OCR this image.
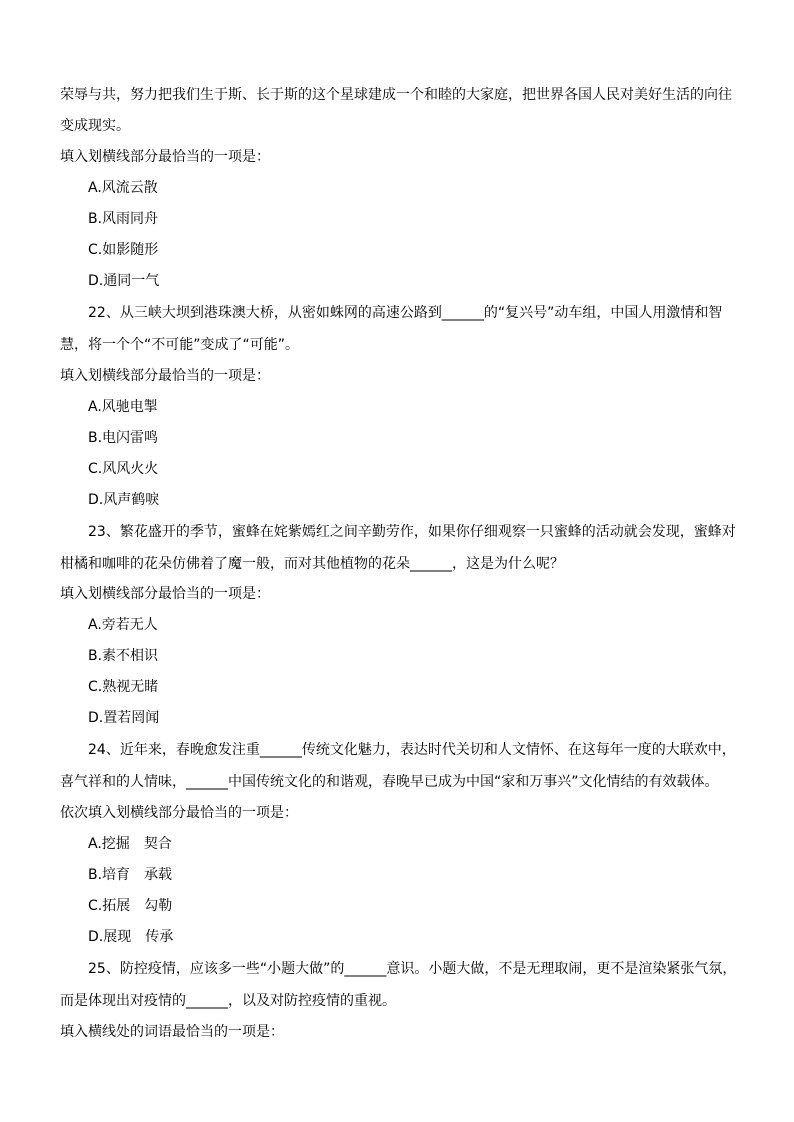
荣辱与共，努力把我们生于斯、长于斯的这个星球建成一个和睦的大家庭，把世界各国人民对美好生活的向往
变成现实。
填入划横线部分最恰当的一项是：
A.风流云散
B.风雨同舟
C.如影随形
D.通同一气
22、从三峡大坝到港珠澳大桥，从密如蛛网的高速公路到______的“复兴号”动车组，中国人用激情和智
慧，将一个个“不可能”变成了“可能”。
填入划横线部分最恰当的一项是：
A.风驰电掣
B.电闪雷鸣
C.风风火火
D.风声鹤唳
23、繁花盛开的季节，蜜蜂在姹紫嫣红之间辛勤劳作，如果你仔细观察一只蜜蜂的活动就会发现，蜜蜂对
柑橘和咖啡的花朵仿佛着了魔一般，而对其他植物的花朵______，这是为什么呢？
填入划横线部分最恰当的一项是：
A.旁若无人
B.素不相识
C.熟视无睹
D.置若罔闻
24、近年来，春晚愈发注重______传统文化魅力，表达时代关切和人文情怀、在这每年一度的大联欢中，
喜气祥和的人情味，______中国传统文化的和谐观，春晚早已成为中国“家和万事兴”文化情结的有效载体。
依次填入划横线部分最恰当的一项是：
A.挖掘　契合
B.培育　承载
C.拓展　勾勒
D.展现　传承
25、防控疫情，应该多一些“小题大做”的______意识。小题大做，不是无理取闹，更不是渲染紧张气氛，
而是体现出对疫情的______，以及对防控疫情的重视。
填入横线处的词语最恰当的一项是：
